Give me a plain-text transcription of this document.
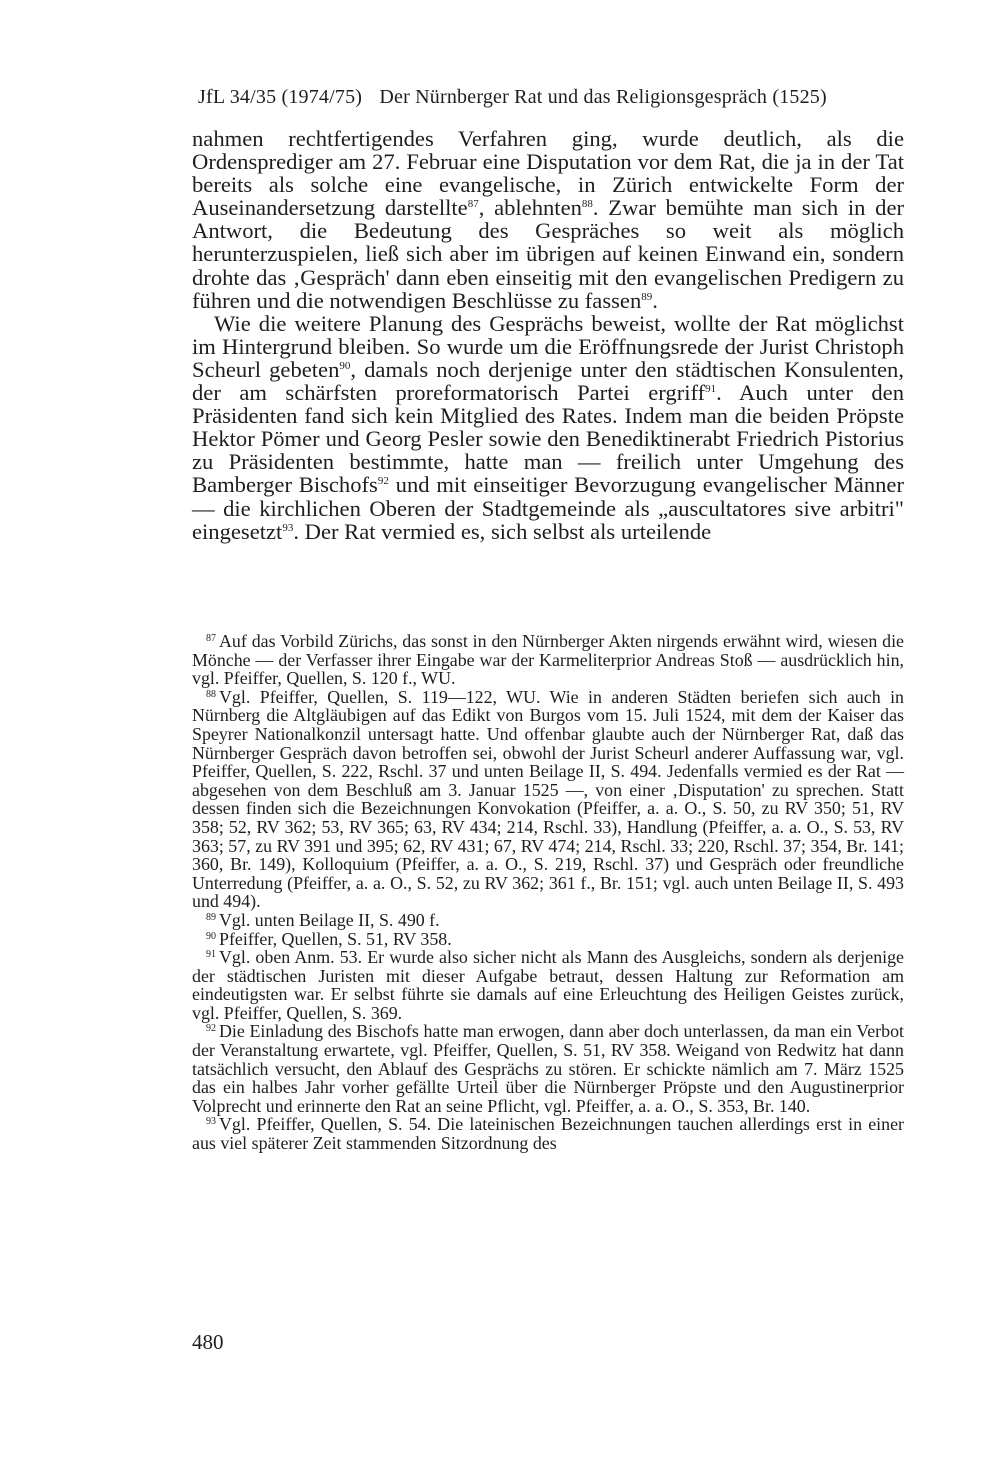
JfL 34/35 (1974/75) Der Nürnberger Rat und das Religionsgespräch (1525)

nahmen rechtfertigendes Verfahren ging, wurde deutlich, als die Ordensprediger am 27. Februar eine Disputation vor dem Rat, die ja in der Tat bereits als solche eine evangelische, in Zürich entwickelte Form der Auseinandersetzung darstellte$^{87}$, ablehnten$^{88}$. Zwar bemühte man sich in der Antwort, die Bedeutung des Gespräches so weit als möglich herunterzuspielen, ließ sich aber im übrigen auf keinen Einwand ein, sondern drohte das ‚Gespräch' dann eben einseitig mit den evangelischen Predigern zu führen und die notwendigen Beschlüsse zu fassen$^{89}$.

Wie die weitere Planung des Gesprächs beweist, wollte der Rat möglichst im Hintergrund bleiben. So wurde um die Eröffnungsrede der Jurist Christoph Scheurl gebeten$^{90}$, damals noch derjenige unter den städtischen Konsulenten, der am schärfsten proreformatorisch Partei ergriff$^{91}$. Auch unter den Präsidenten fand sich kein Mitglied des Rates. Indem man die beiden Pröpste Hektor Pömer und Georg Pesler sowie den Benediktinerabt Friedrich Pistorius zu Präsidenten bestimmte, hatte man — freilich unter Umgehung des Bamberger Bischofs$^{92}$ und mit einseitiger Bevorzugung evangelischer Männer — die kirchlichen Oberen der Stadtgemeinde als „auscultatores sive arbitri" eingesetzt$^{93}$. Der Rat vermied es, sich selbst als urteilende

$^{87}$ Auf das Vorbild Zürichs, das sonst in den Nürnberger Akten nirgends erwähnt wird, wiesen die Mönche — der Verfasser ihrer Eingabe war der Karmeliterprior Andreas Stoß — ausdrücklich hin, vgl. Pfeiffer, Quellen, S. 120 f., WU.

$^{88}$ Vgl. Pfeiffer, Quellen, S. 119—122, WU. Wie in anderen Städten beriefen sich auch in Nürnberg die Altgläubigen auf das Edikt von Burgos vom 15. Juli 1524, mit dem der Kaiser das Speyrer Nationalkonzil untersagt hatte. Und offenbar glaubte auch der Nürnberger Rat, daß das Nürnberger Gespräch davon betroffen sei, obwohl der Jurist Scheurl anderer Auffassung war, vgl. Pfeiffer, Quellen, S. 222, Rschl. 37 und unten Beilage II, S. 494. Jedenfalls vermied es der Rat — abgesehen von dem Beschluß am 3. Januar 1525 —, von einer ‚Disputation' zu sprechen. Statt dessen finden sich die Bezeichnungen Konvokation (Pfeiffer, a. a. O., S. 50, zu RV 350; 51, RV 358; 52, RV 362; 53, RV 365; 63, RV 434; 214, Rschl. 33), Handlung (Pfeiffer, a. a. O., S. 53, RV 363; 57, zu RV 391 und 395; 62, RV 431; 67, RV 474; 214, Rschl. 33; 220, Rschl. 37; 354, Br. 141; 360, Br. 149), Kolloquium (Pfeiffer, a. a. O., S. 219, Rschl. 37) und Gespräch oder freundliche Unterredung (Pfeiffer, a. a. O., S. 52, zu RV 362; 361 f., Br. 151; vgl. auch unten Beilage II, S. 493 und 494).

$^{89}$ Vgl. unten Beilage II, S. 490 f.

$^{90}$ Pfeiffer, Quellen, S. 51, RV 358.

$^{91}$ Vgl. oben Anm. 53. Er wurde also sicher nicht als Mann des Ausgleichs, sondern als derjenige der städtischen Juristen mit dieser Aufgabe betraut, dessen Haltung zur Reformation am eindeutigsten war. Er selbst führte sie damals auf eine Erleuchtung des Heiligen Geistes zurück, vgl. Pfeiffer, Quellen, S. 369.

$^{92}$ Die Einladung des Bischofs hatte man erwogen, dann aber doch unterlassen, da man ein Verbot der Veranstaltung erwartete, vgl. Pfeiffer, Quellen, S. 51, RV 358. Weigand von Redwitz hat dann tatsächlich versucht, den Ablauf des Gesprächs zu stören. Er schickte nämlich am 7. März 1525 das ein halbes Jahr vorher gefällte Urteil über die Nürnberger Pröpste und den Augustinerprior Volprecht und erinnerte den Rat an seine Pflicht, vgl. Pfeiffer, a. a. O., S. 353, Br. 140.

$^{93}$ Vgl. Pfeiffer, Quellen, S. 54. Die lateinischen Bezeichnungen tauchen allerdings erst in einer aus viel späterer Zeit stammenden Sitzordnung des

480
